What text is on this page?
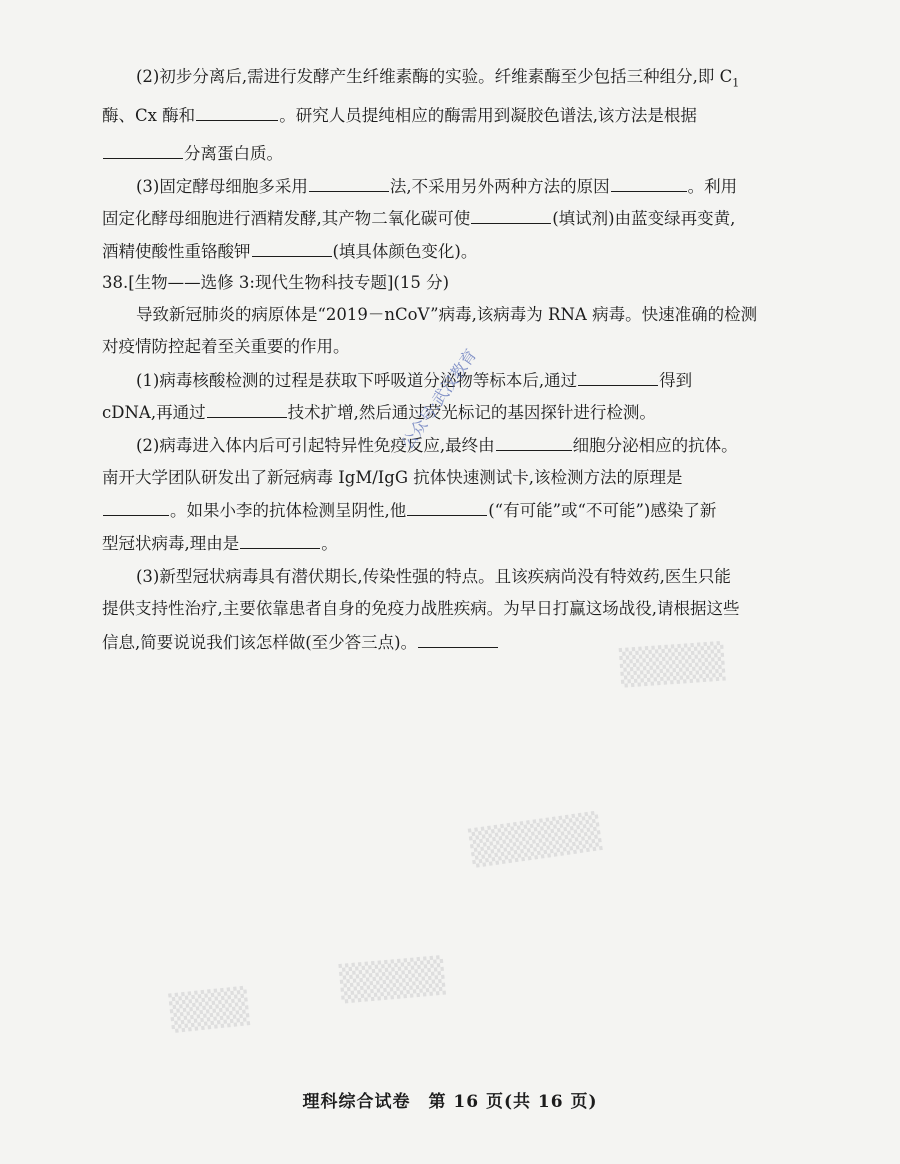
▒▒▒▒▒
▒▒▒▒
▒▒▒
▒▒▒▒
(2)初步分离后,需进行发酵产生纤维素酶的实验。纤维素酶至少包括三种组分,即 $C_1$
酶、Cx 酶和	。研究人员提纯相应的酶需用到凝胶色谱法,该方法是根据
分离蛋白质。
(3)固定酵母细胞多采用	法,不采用另外两种方法的原因	。利用
固定化酵母细胞进行酒精发酵,其产物二氧化碳可使	(填试剂)由蓝变绿再变黄,
酒精使酸性重铬酸钾	(填具体颜色变化)。
38.[生物——选修 3:现代生物科技专题](15 分)
导致新冠肺炎的病原体是“2019－nCoV”病毒,该病毒为 RNA 病毒。快速准确的检测
对疫情防控起着至关重要的作用。
(1)病毒核酸检测的过程是获取下呼吸道分泌物等标本后,通过	得到
cDNA,再通过	技术扩增,然后通过荧光标记的基因探针进行检测。
(2)病毒进入体内后可引起特异性免疫反应,最终由	细胞分泌相应的抗体。
南开大学团队研发出了新冠病毒 IgM/IgG 抗体快速测试卡,该检测方法的原理是
。如果小李的抗体检测呈阴性,他	(“有可能”或“不可能”)感染了新
型冠状病毒,理由是	。
(3)新型冠状病毒具有潜伏期长,传染性强的特点。且该疾病尚没有特效药,医生只能
提供支持性治疗,主要依靠患者自身的免疫力战胜疾病。为早日打赢这场战役,请根据这些
信息,简要说说我们该怎样做(至少答三点)。
公众号:武汉教育
理科综合试卷　第 16 页(共 16 页)
